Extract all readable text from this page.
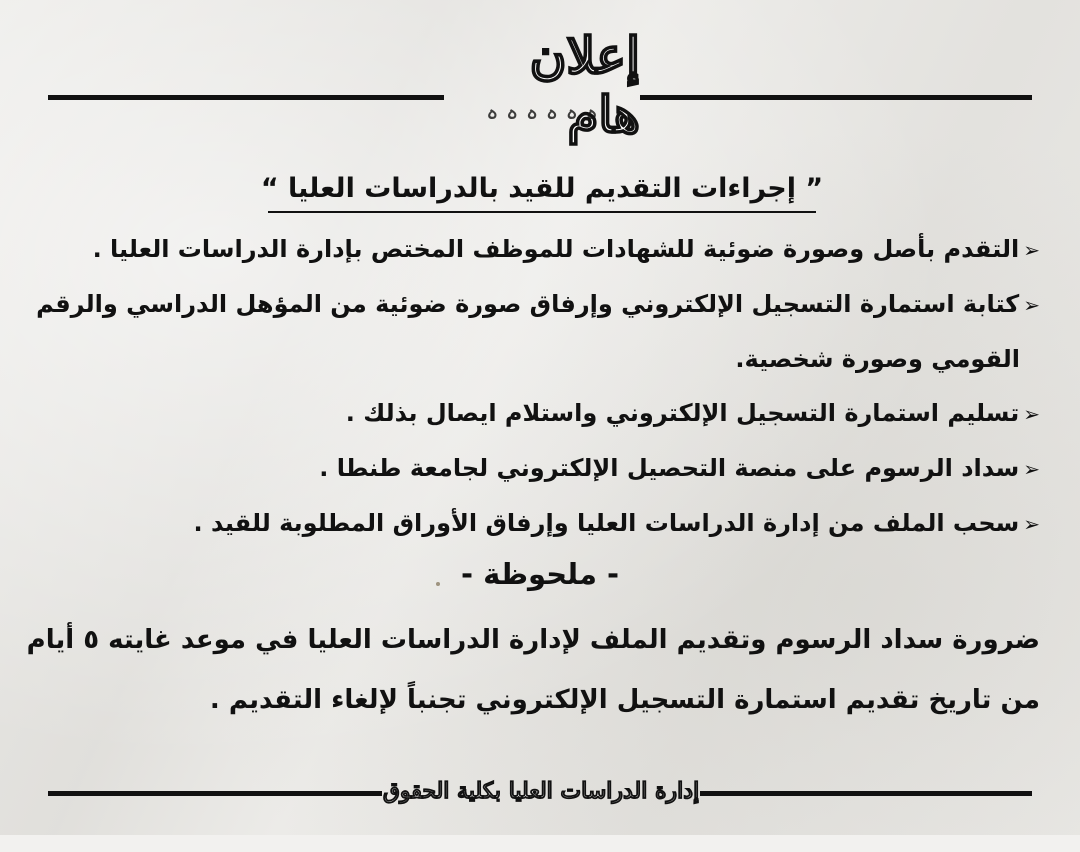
إعلان هام
ہ ہ ہ ہ ہ ہ
” إجراءات التقديم للقيد بالدراسات العليا “
➢التقدم بأصل وصورة ضوئية للشهادات للموظف المختص بإدارة الدراسات العليا .
➢كتابة استمارة التسجيل الإلكتروني وإرفاق صورة ضوئية من المؤهل الدراسي والرقم
القومي وصورة شخصية.
➢تسليم استمارة التسجيل الإلكتروني واستلام ايصال بذلك .
➢سداد الرسوم على منصة التحصيل الإلكتروني لجامعة طنطا .
➢سحب الملف من إدارة الدراسات العليا وإرفاق الأوراق المطلوبة للقيد .
- ملحوظة -
ضرورة سداد الرسوم وتقديم الملف لإدارة الدراسات العليا في موعد غايته ٥ أيام
من تاريخ تقديم استمارة التسجيل الإلكتروني تجنباً لإلغاء التقديم .
إدارة الدراسات العليا بكلية الحقوق
